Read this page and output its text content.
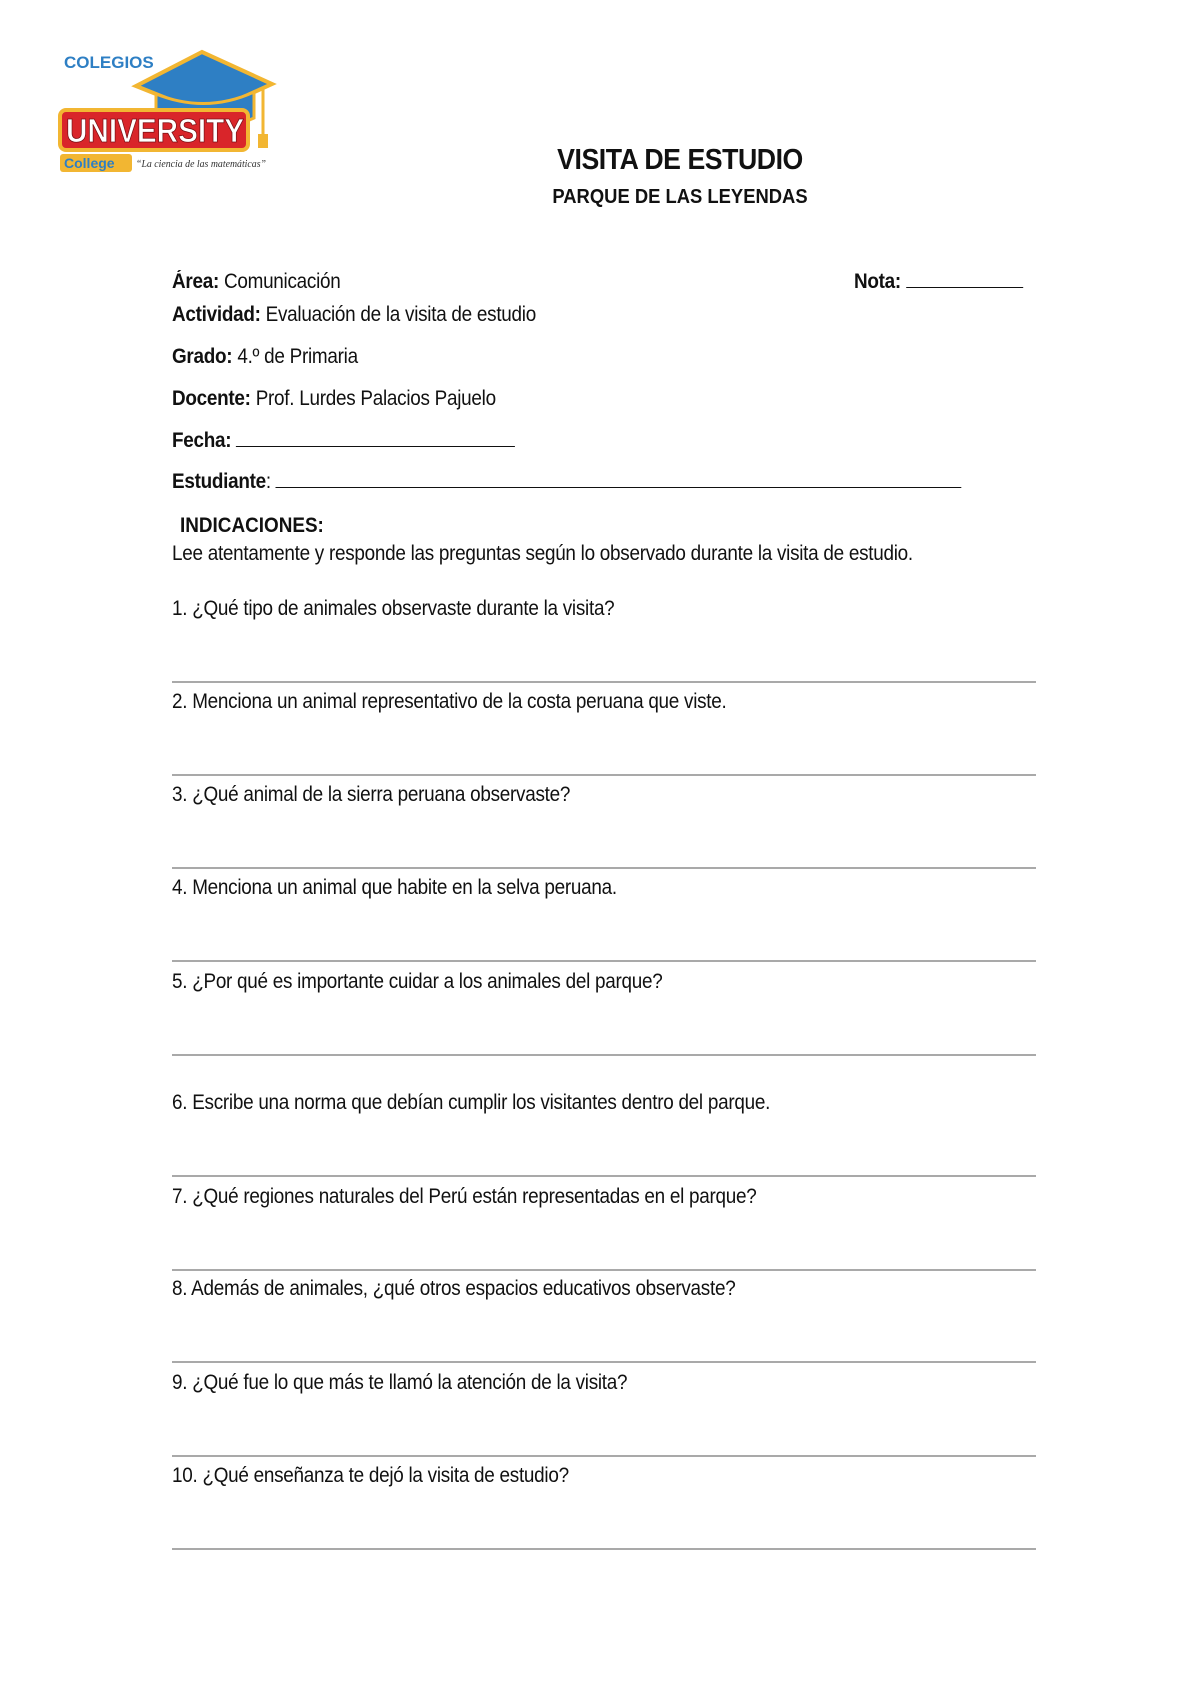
COLEGIOS
UNIVERSITY
College “La ciencia de las matemáticas”	VISITA DE ESTUDIO
PARQUE DE LAS LEYENDAS
Área: Comunicación	Nota:
Actividad: Evaluación de la visita de estudio
Grado: 4.º de Primaria
Docente: Prof. Lurdes Palacios Pajuelo
Fecha:
Estudiante:
INDICACIONES:
Lee atentamente y responde las preguntas según lo observado durante la visita de estudio.
1. ¿Qué tipo de animales observaste durante la visita?
2. Menciona un animal representativo de la costa peruana que viste.
3. ¿Qué animal de la sierra peruana observaste?
4. Menciona un animal que habite en la selva peruana.
5. ¿Por qué es importante cuidar a los animales del parque?
6. Escribe una norma que debían cumplir los visitantes dentro del parque.
7. ¿Qué regiones naturales del Perú están representadas en el parque?
8. Además de animales, ¿qué otros espacios educativos observaste?
9. ¿Qué fue lo que más te llamó la atención de la visita?
10. ¿Qué enseñanza te dejó la visita de estudio?
